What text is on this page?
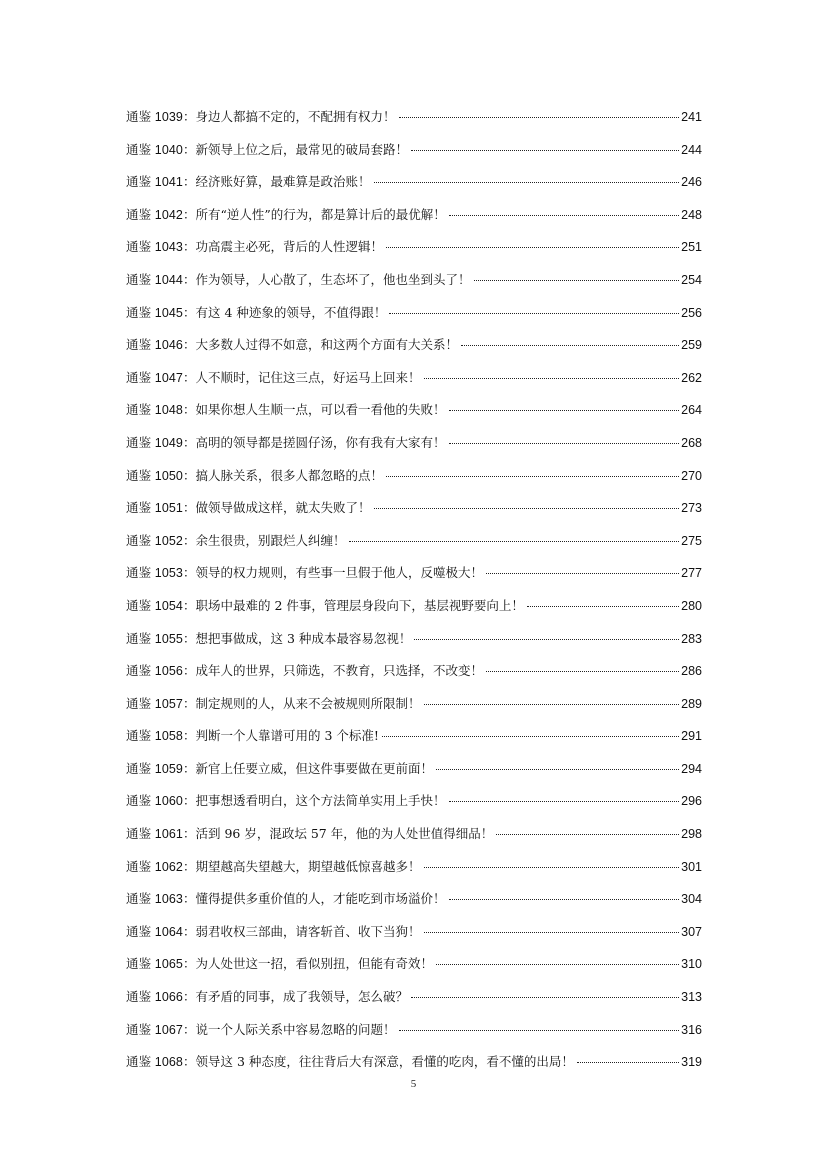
通鉴 1039 ： 身边人都搞不定的，不配拥有权力！	241
通鉴 1040 ： 新领导上位之后，最常见的破局套路！	244
通鉴 1041 ： 经济账好算，最难算是政治账！	246
通鉴 1042 ： 所有“逆人性”的行为，都是算计后的最优解！	248
通鉴 1043 ： 功高震主必死，背后的人性逻辑！	251
通鉴 1044 ： 作为领导，人心散了，生态坏了，他也坐到头了！	254
通鉴 1045 ： 有这 4 种迹象的领导，不值得跟！	256
通鉴 1046 ： 大多数人过得不如意，和这两个方面有大关系！	259
通鉴 1047 ： 人不顺时，记住这三点，好运马上回来！	262
通鉴 1048 ： 如果你想人生顺一点，可以看一看他的失败！	264
通鉴 1049 ： 高明的领导都是搓圆仔汤，你有我有大家有！	268
通鉴 1050 ： 搞人脉关系，很多人都忽略的点！	270
通鉴 1051 ： 做领导做成这样，就太失败了！	273
通鉴 1052 ： 余生很贵，别跟烂人纠缠！	275
通鉴 1053 ： 领导的权力规则，有些事一旦假于他人，反噬极大！	277
通鉴 1054 ： 职场中最难的 2 件事，管理层身段向下，基层视野要向上！	280
通鉴 1055 ： 想把事做成，这 3 种成本最容易忽视！	283
通鉴 1056 ： 成年人的世界，只筛选，不教育，只选择，不改变！	286
通鉴 1057 ： 制定规则的人，从来不会被规则所限制！	289
通鉴 1058 ： 判断一个人靠谱可用的 3 个标准!	291
通鉴 1059 ： 新官上任要立威，但这件事要做在更前面！	294
通鉴 1060 ： 把事想透看明白，这个方法简单实用上手快！	296
通鉴 1061 ： 活到 96 岁，混政坛 57 年，他的为人处世值得细品！	298
通鉴 1062 ： 期望越高失望越大，期望越低惊喜越多！	301
通鉴 1063 ： 懂得提供多重价值的人，才能吃到市场溢价！	304
通鉴 1064 ： 弱君收权三部曲，请客斩首、收下当狗！	307
通鉴 1065 ： 为人处世这一招，看似别扭，但能有奇效！	310
通鉴 1066 ： 有矛盾的同事，成了我领导，怎么破？	313
通鉴 1067 ： 说一个人际关系中容易忽略的问题！	316
通鉴 1068 ： 领导这 3 种态度，往往背后大有深意，看懂的吃肉，看不懂的出局！	319
5
